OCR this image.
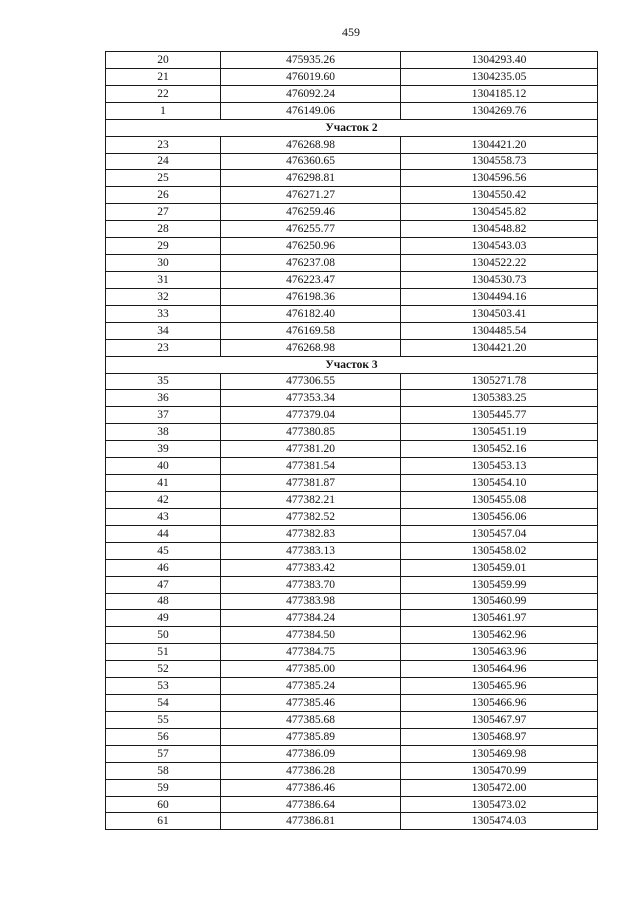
459
20	475935.26	1304293.40
21	476019.60	1304235.05
22	476092.24	1304185.12
1	476149.06	1304269.76
Участок 2		
23	476268.98	1304421.20
24	476360.65	1304558.73
25	476298.81	1304596.56
26	476271.27	1304550.42
27	476259.46	1304545.82
28	476255.77	1304548.82
29	476250.96	1304543.03
30	476237.08	1304522.22
31	476223.47	1304530.73
32	476198.36	1304494.16
33	476182.40	1304503.41
34	476169.58	1304485.54
23	476268.98	1304421.20
Участок 3		
35	477306.55	1305271.78
36	477353.34	1305383.25
37	477379.04	1305445.77
38	477380.85	1305451.19
39	477381.20	1305452.16
40	477381.54	1305453.13
41	477381.87	1305454.10
42	477382.21	1305455.08
43	477382.52	1305456.06
44	477382.83	1305457.04
45	477383.13	1305458.02
46	477383.42	1305459.01
47	477383.70	1305459.99
48	477383.98	1305460.99
49	477384.24	1305461.97
50	477384.50	1305462.96
51	477384.75	1305463.96
52	477385.00	1305464.96
53	477385.24	1305465.96
54	477385.46	1305466.96
55	477385.68	1305467.97
56	477385.89	1305468.97
57	477386.09	1305469.98
58	477386.28	1305470.99
59	477386.46	1305472.00
60	477386.64	1305473.02
61	477386.81	1305474.03
